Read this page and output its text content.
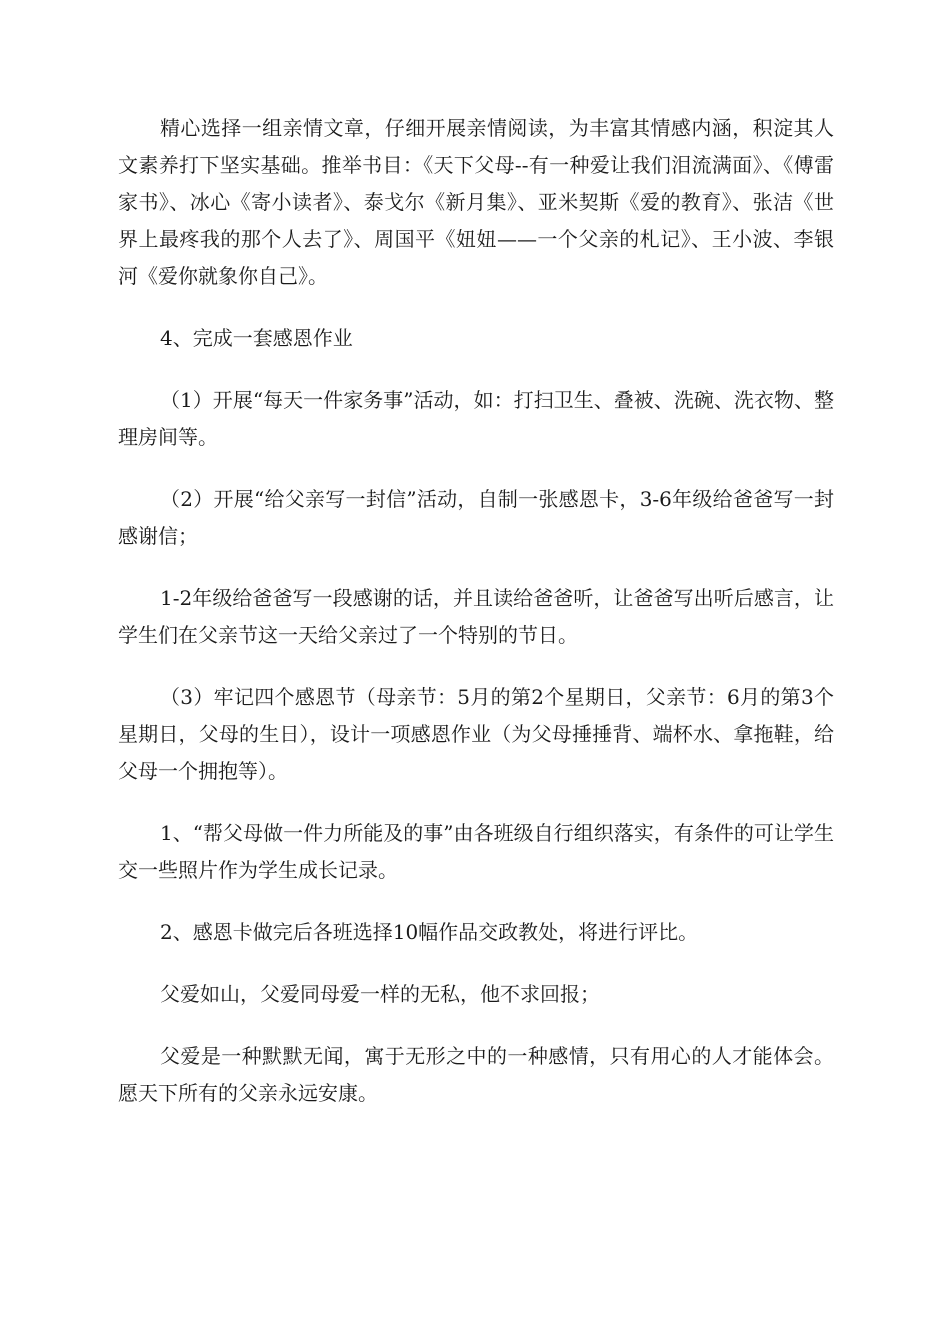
精心选择一组亲情文章，仔细开展亲情阅读，为丰富其情感内涵，积淀其人文素养打下坚实基础。推举书目：《天下父母--有一种爱让我们泪流满面》、《傅雷家书》、冰心《寄小读者》、泰戈尔《新月集》、亚米契斯《爱的教育》、张洁《世界上最疼我的那个人去了》、周国平《妞妞——一个父亲的札记》、王小波、李银河《爱你就象你自己》。

4、完成一套感恩作业

（1）开展“每天一件家务事”活动，如：打扫卫生、叠被、洗碗、洗衣物、整理房间等。

（2）开展“给父亲写一封信”活动，自制一张感恩卡，3-6年级给爸爸写一封感谢信；

1-2年级给爸爸写一段感谢的话，并且读给爸爸听，让爸爸写出听后感言，让学生们在父亲节这一天给父亲过了一个特别的节日。

（3）牢记四个感恩节（母亲节：5月的第2个星期日，父亲节：6月的第3个星期日，父母的生日），设计一项感恩作业（为父母捶捶背、端杯水、拿拖鞋，给父母一个拥抱等）。

1、“帮父母做一件力所能及的事”由各班级自行组织落实，有条件的可让学生交一些照片作为学生成长记录。

2、感恩卡做完后各班选择10幅作品交政教处，将进行评比。

父爱如山，父爱同母爱一样的无私，他不求回报；

父爱是一种默默无闻，寓于无形之中的一种感情，只有用心的人才能体会。愿天下所有的父亲永远安康。
